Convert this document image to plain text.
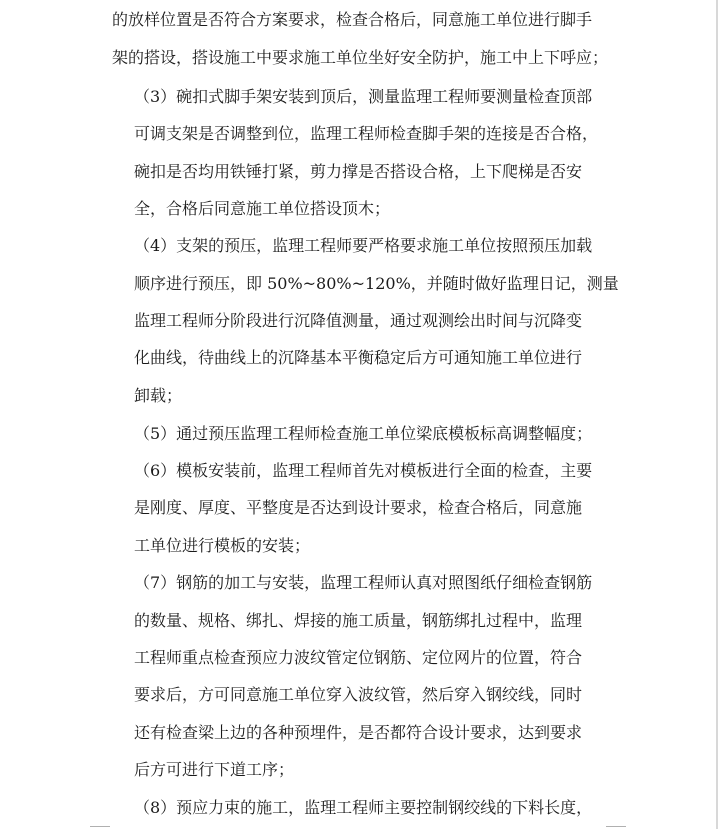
的放样位置是否符合方案要求，检查合格后，同意施工单位进行脚手
架的搭设，搭设施工中要求施工单位坐好安全防护，施工中上下呼应；
（3）碗扣式脚手架安装到顶后，测量监理工程师要测量检查顶部
可调支架是否调整到位，监理工程师检查脚手架的连接是否合格，
碗扣是否均用铁锤打紧，剪力撑是否搭设合格，上下爬梯是否安
全，合格后同意施工单位搭设顶木；
（4）支架的预压，监理工程师要严格要求施工单位按照预压加载
顺序进行预压，即 50%~80%~120%，并随时做好监理日记，测量
监理工程师分阶段进行沉降值测量，通过观测绘出时间与沉降变
化曲线，待曲线上的沉降基本平衡稳定后方可通知施工单位进行
卸载；
（5）通过预压监理工程师检查施工单位梁底模板标高调整幅度；
（6）模板安装前，监理工程师首先对模板进行全面的检查，主要
是刚度、厚度、平整度是否达到设计要求，检查合格后，同意施
工单位进行模板的安装；
（7）钢筋的加工与安装，监理工程师认真对照图纸仔细检查钢筋
的数量、规格、绑扎、焊接的施工质量，钢筋绑扎过程中，监理
工程师重点检查预应力波纹管定位钢筋、定位网片的位置，符合
要求后，方可同意施工单位穿入波纹管，然后穿入钢绞线，同时
还有检查梁上边的各种预埋件，是否都符合设计要求，达到要求
后方可进行下道工序；
（8）预应力束的施工，监理工程师主要控制钢绞线的下料长度，
